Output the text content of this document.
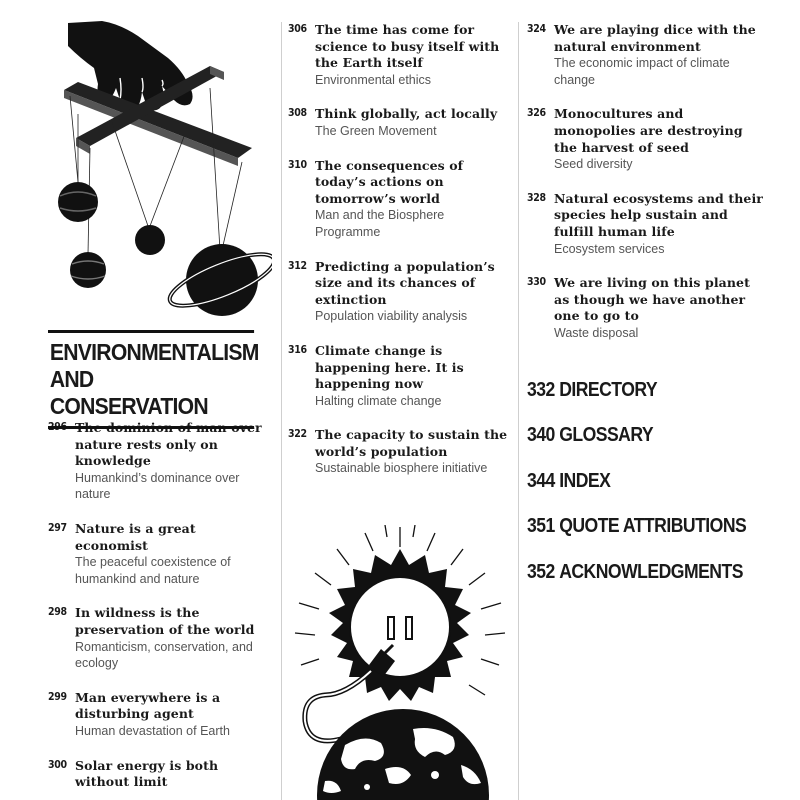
296 The dominion of man over nature rests only on knowledge
Humankind’s dominance over nature
297 Nature is a great economist
The peaceful coexistence of humankind and nature
298 In wildness is the preservation of the world
Romanticism, conservation, and ecology
299 Man everywhere is a disturbing agent
Human devastation of Earth
300 Solar energy is both without limit
ENVIRONMENTALISM
AND CONSERVATION
306 The time has come for science to busy itself with the Earth itself
Environmental ethics
308 Think globally, act locally
The Green Movement
310 The consequences of today’s actions on tomorrow’s world
Man and the Biosphere Programme
312 Predicting a population’s size and its chances of extinction
Population viability analysis
316 Climate change is happening here. It is happening now
Halting climate change
322 The capacity to sustain the world’s population
Sustainable biosphere initiative
324 We are playing dice with the natural environment
The economic impact of climate change
326 Monocultures and monopolies are destroying the harvest of seed
Seed diversity
328 Natural ecosystems and their species help sustain and fulfill human life
Ecosystem services
330 We are living on this planet as though we have another one to go to
Waste disposal
332 DIRECTORY
340 GLOSSARY
344 INDEX
351 QUOTE ATTRIBUTIONS
352 ACKNOWLEDGMENTS
